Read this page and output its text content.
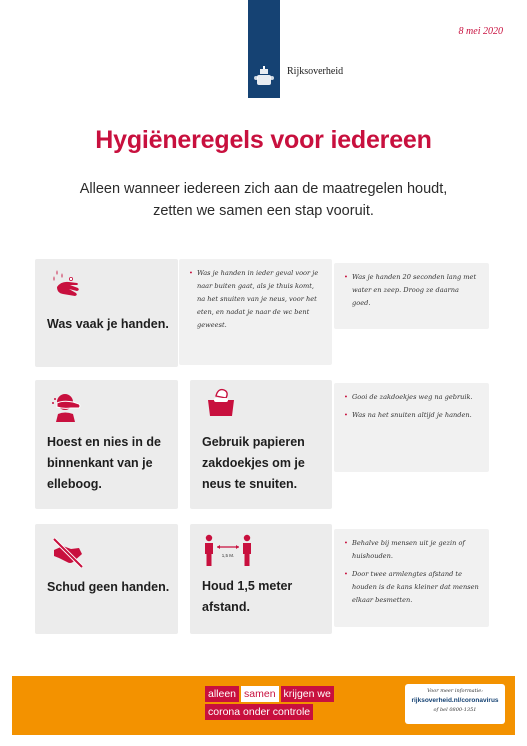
Rijksoverheid
8 mei 2020
Hygiëneregels voor iedereen
Alleen wanneer iedereen zich aan de maatregelen houdt,
zetten we samen een stap vooruit.
Was vaak je handen.
• Was je handen in ieder geval voor je naar buiten gaat, als je thuis komt, na het snuiten van je neus, voor het eten, en nadat je naar de wc bent geweest.
• Was je handen 20 seconden lang met water en zeep. Droog ze daarna goed.
Hoest en nies in de
binnenkant van je
elleboog.
Gebruik papieren
zakdoekjes om je
neus te snuiten.
• Gooi de zakdoekjes weg na gebruik.
• Was na het snuiten altijd je handen.
Schud geen handen.
1,5 M.
Houd 1,5 meter
afstand.
• Behalve bij mensen uit je gezin of huishouden.
• Door twee armlengtes afstand te houden is de kans kleiner dat mensen elkaar besmetten.
alleen samen krijgen we
corona onder controle
Voor meer informatie:
rijksoverheid.nl/coronavirus
of bel 0800-1351
